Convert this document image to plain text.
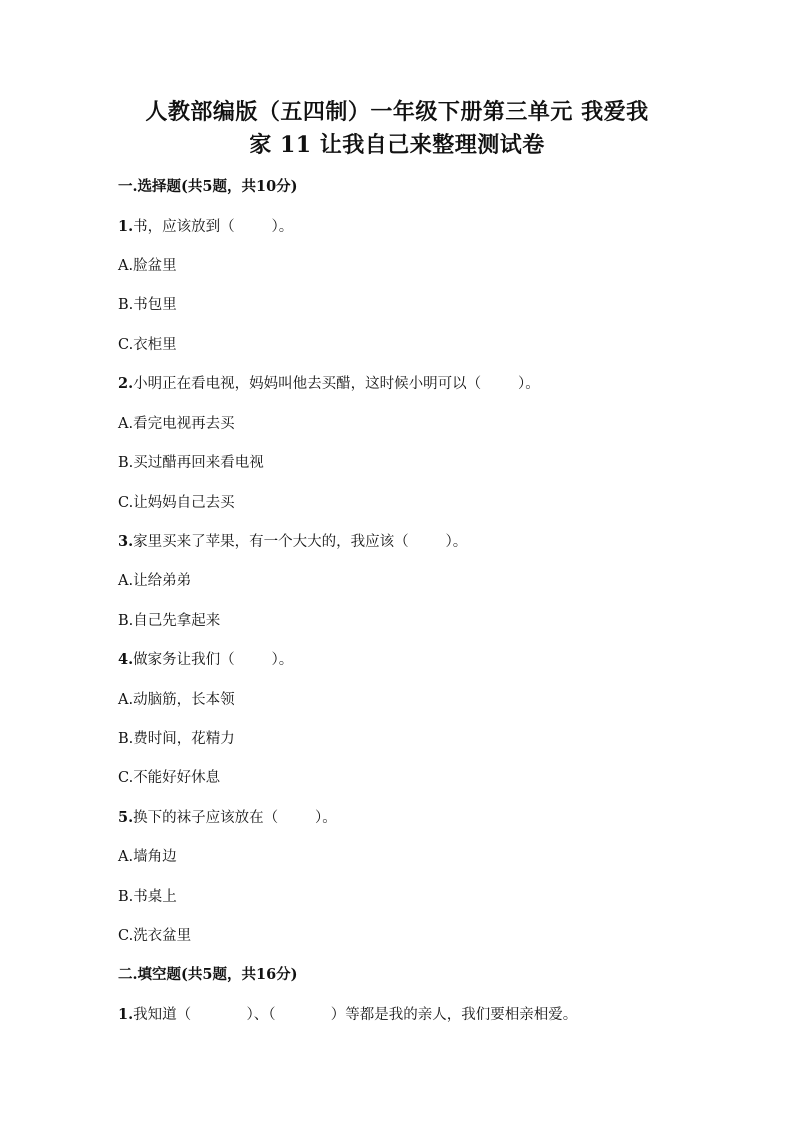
人教部编版（五四制）一年级下册第三单元 我爱我
家 11 让我自己来整理测试卷
一.选择题(共5题，共10分)
1.书，应该放到（        ）。
A.脸盆里
B.书包里
C.衣柜里
2.小明正在看电视，妈妈叫他去买醋，这时候小明可以（        ）。
A.看完电视再去买
B.买过醋再回来看电视
C.让妈妈自己去买
3.家里买来了苹果，有一个大大的，我应该（        ）。
A.让给弟弟
B.自己先拿起来
4.做家务让我们（        ）。
A.动脑筋，长本领
B.费时间，花精力
C.不能好好休息
5.换下的袜子应该放在（        ）。
A.墙角边
B.书桌上
C.洗衣盆里
二.填空题(共5题，共16分)
1.我知道（            ）、（            ）等都是我的亲人，我们要相亲相爱。
